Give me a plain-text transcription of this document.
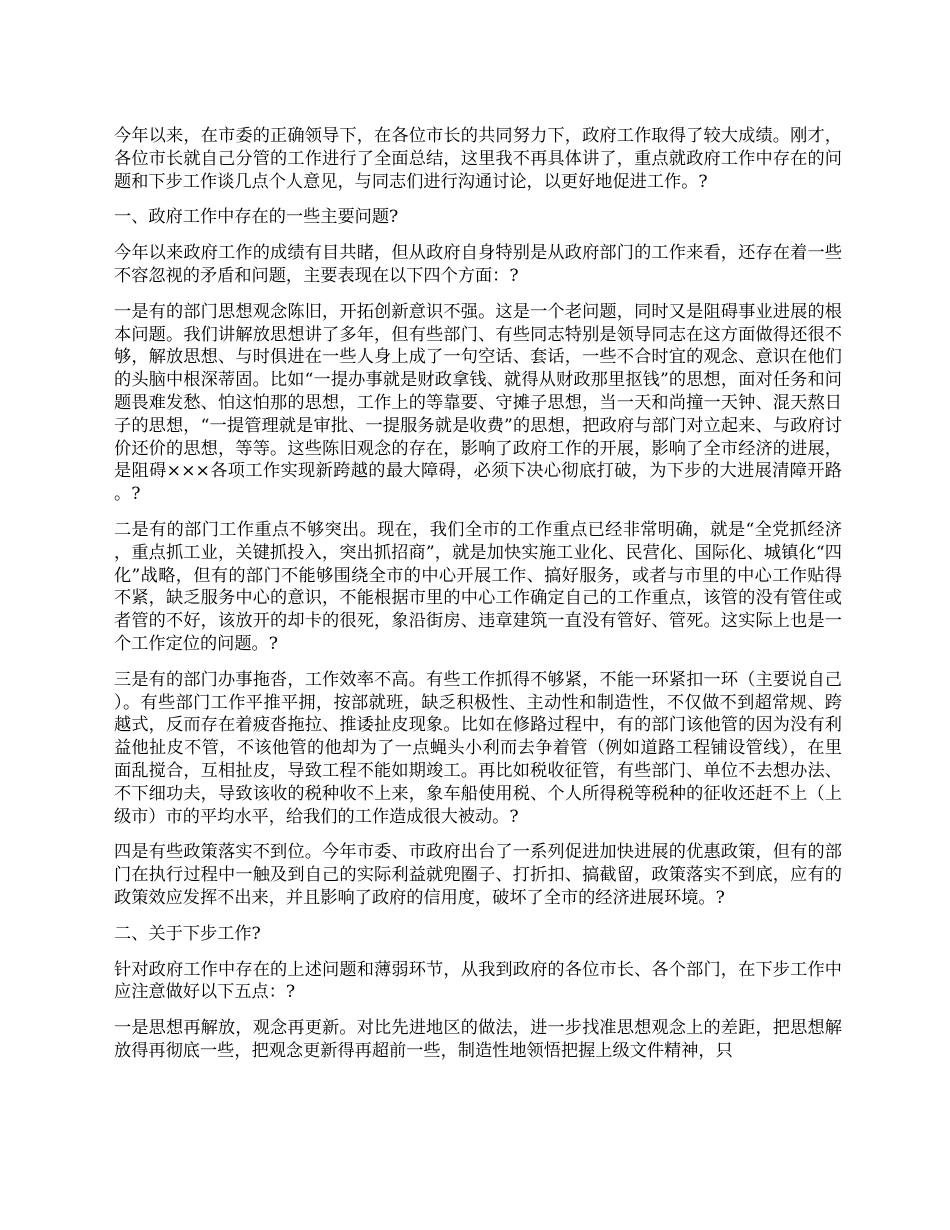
今年以来，在市委的正确领导下，在各位市长的共同努力下，政府工作取得了较大成绩。刚才，各位市长就自己分管的工作进行了全面总结，这里我不再具体讲了，重点就政府工作中存在的问题和下步工作谈几点个人意见，与同志们进行沟通讨论，以更好地促进工作。?

一、政府工作中存在的一些主要问题?

今年以来政府工作的成绩有目共睹，但从政府自身特别是从政府部门的工作来看，还存在着一些不容忽视的矛盾和问题，主要表现在以下四个方面：?

一是有的部门思想观念陈旧，开拓创新意识不强。这是一个老问题，同时又是阻碍事业进展的根本问题。我们讲解放思想讲了多年，但有些部门、有些同志特别是领导同志在这方面做得还很不够，解放思想、与时俱进在一些人身上成了一句空话、套话，一些不合时宜的观念、意识在他们的头脑中根深蒂固。比如“一提办事就是财政拿钱、就得从财政那里抠钱”的思想，面对任务和问题畏难发愁、怕这怕那的思想，工作上的等靠要、守摊子思想，当一天和尚撞一天钟、混天熬日子的思想，“一提管理就是审批、一提服务就是收费”的思想，把政府与部门对立起来、与政府讨价还价的思想，等等。这些陈旧观念的存在，影响了政府工作的开展，影响了全市经济的进展，是阻碍×××各项工作实现新跨越的最大障碍，必须下决心彻底打破，为下步的大进展清障开路。?

二是有的部门工作重点不够突出。现在，我们全市的工作重点已经非常明确，就是“全党抓经济，重点抓工业，关键抓投入，突出抓招商”，就是加快实施工业化、民营化、国际化、城镇化“四化”战略，但有的部门不能够围绕全市的中心开展工作、搞好服务，或者与市里的中心工作贴得不紧，缺乏服务中心的意识，不能根据市里的中心工作确定自己的工作重点，该管的没有管住或者管的不好，该放开的却卡的很死，象沿街房、违章建筑一直没有管好、管死。这实际上也是一个工作定位的问题。?

三是有的部门办事拖沓，工作效率不高。有些工作抓得不够紧，不能一环紧扣一环（主要说自己）。有些部门工作平推平拥，按部就班，缺乏积极性、主动性和制造性，不仅做不到超常规、跨越式，反而存在着疲沓拖拉、推诿扯皮现象。比如在修路过程中，有的部门该他管的因为没有利益他扯皮不管，不该他管的他却为了一点蝇头小利而去争着管（例如道路工程铺设管线），在里面乱搅合，互相扯皮，导致工程不能如期竣工。再比如税收征管，有些部门、单位不去想办法、不下细功夫，导致该收的税种收不上来，象车船使用税、个人所得税等税种的征收还赶不上（上级市）市的平均水平，给我们的工作造成很大被动。?

四是有些政策落实不到位。今年市委、市政府出台了一系列促进加快进展的优惠政策，但有的部门在执行过程中一触及到自己的实际利益就兜圈子、打折扣、搞截留，政策落实不到底，应有的政策效应发挥不出来，并且影响了政府的信用度，破坏了全市的经济进展环境。?

二、关于下步工作?

针对政府工作中存在的上述问题和薄弱环节，从我到政府的各位市长、各个部门，在下步工作中应注意做好以下五点：?

一是思想再解放，观念再更新。对比先进地区的做法，进一步找准思想观念上的差距，把思想解放得再彻底一些，把观念更新得再超前一些，制造性地领悟把握上级文件精神，只
